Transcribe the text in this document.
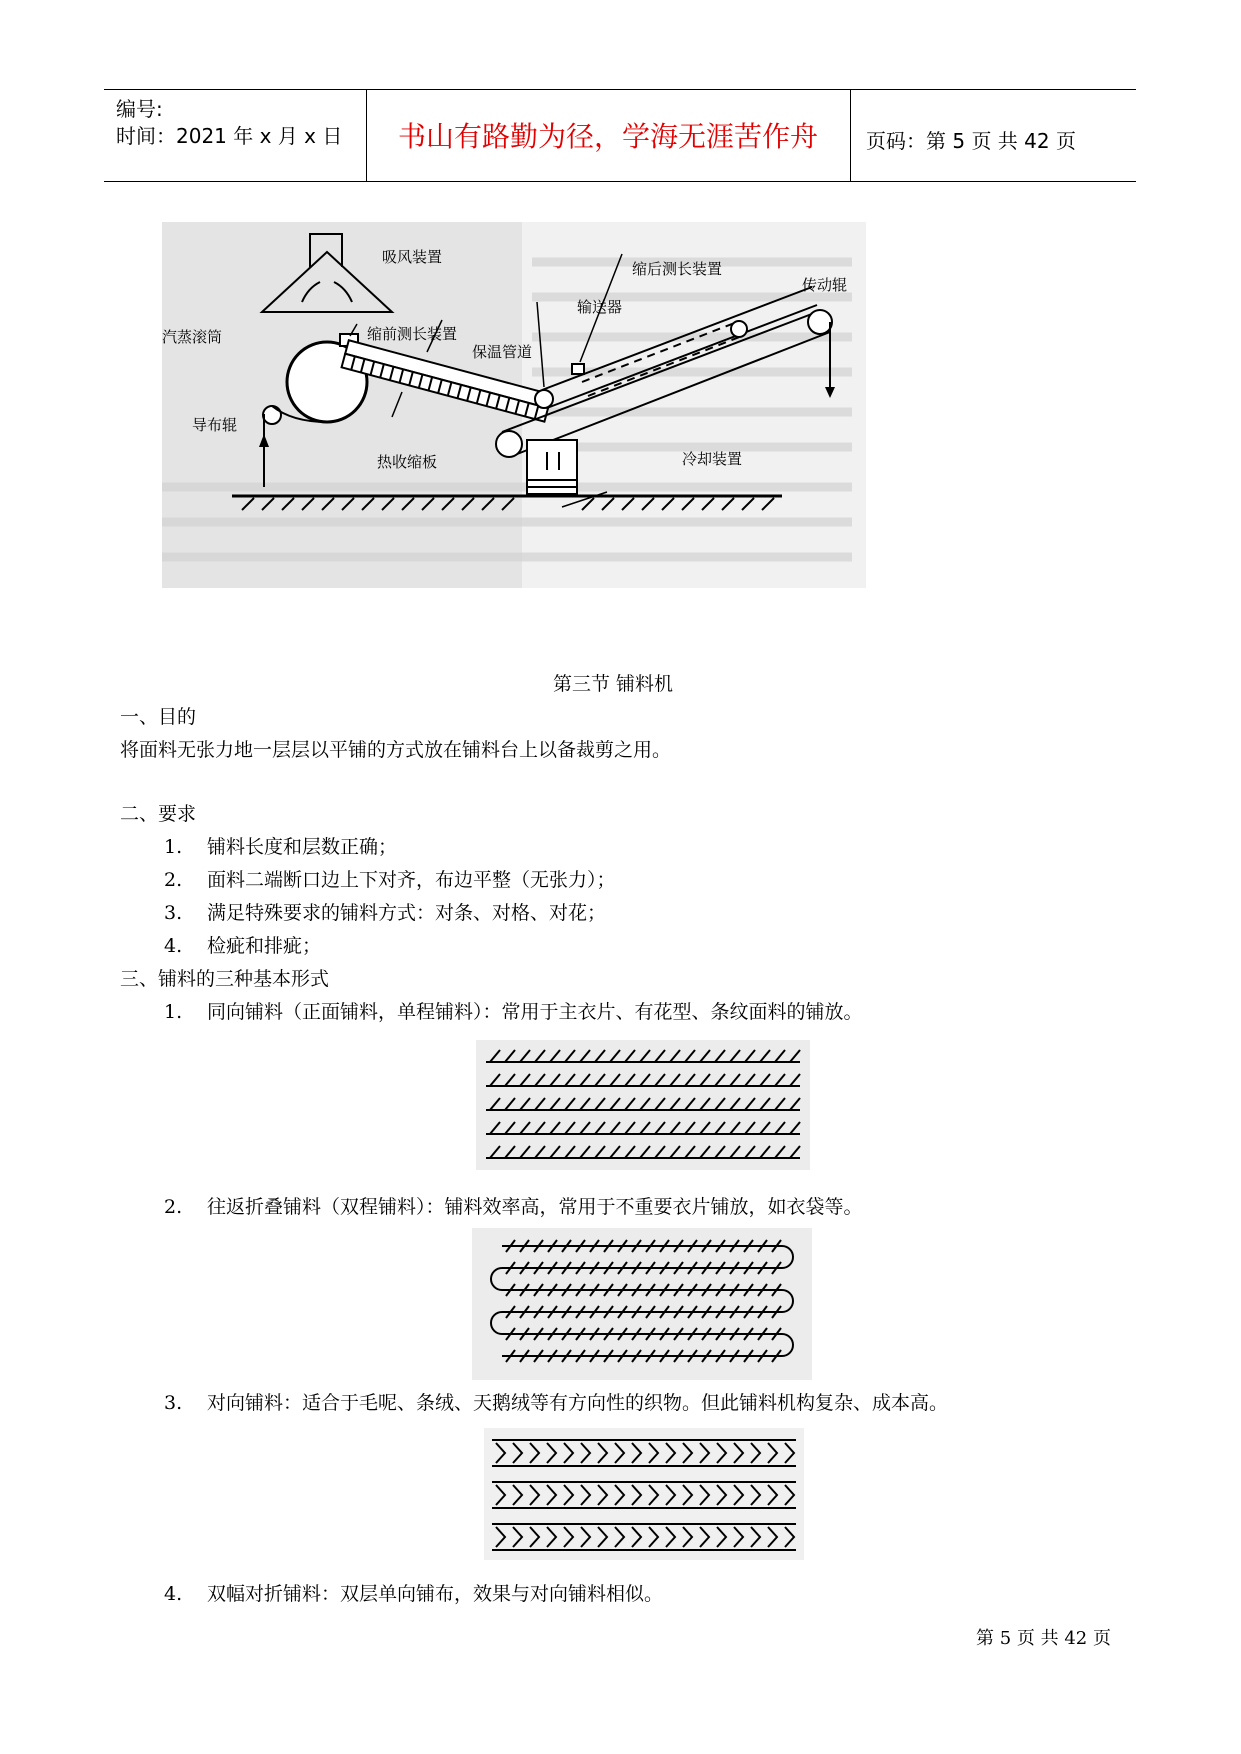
编号:
时间：2021 年 x 月 x 日	书山有路勤为径，学海无涯苦作舟	页码：第 5 页 共 42 页
吸风装置
缩后测长装置
传动辊
输送器
汽蒸滚筒	缩前测长装置
保温管道
导布辊
热收缩板	冷却装置
第三节 铺料机
一、目的
将面料无张力地一层层以平铺的方式放在铺料台上以备裁剪之用。
二、要求
1. 铺料长度和层数正确；
2. 面料二端断口边上下对齐，布边平整（无张力）；
3. 满足特殊要求的铺料方式：对条、对格、对花；
4. 检疵和排疵；
三、铺料的三种基本形式
1. 同向铺料（正面铺料，单程铺料）：常用于主衣片、有花型、条纹面料的铺放。
2. 往返折叠铺料（双程铺料）：铺料效率高，常用于不重要衣片铺放，如衣袋等。
3. 对向铺料：适合于毛呢、条绒、天鹅绒等有方向性的织物。但此铺料机构复杂、成本高。
4. 双幅对折铺料：双层单向铺布，效果与对向铺料相似。
第 5 页 共 42 页
